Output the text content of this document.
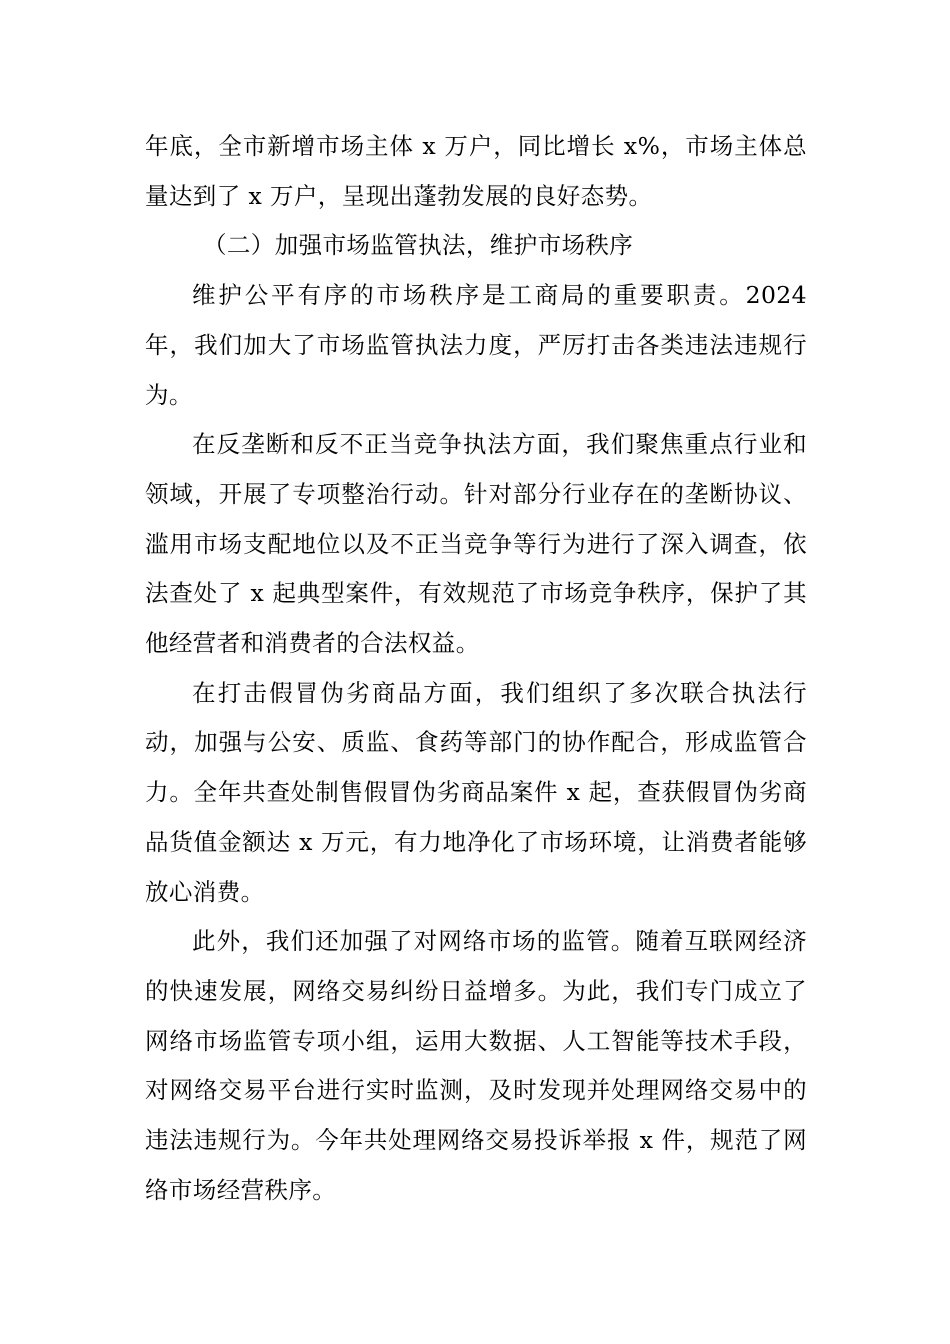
年底，全市新增市场主体 x 万户，同比增长 x%，市场主体总量达到了 x 万户，呈现出蓬勃发展的良好态势。

（二）加强市场监管执法，维护市场秩序

维护公平有序的市场秩序是工商局的重要职责。2024 年，我们加大了市场监管执法力度，严厉打击各类违法违规行为。

在反垄断和反不正当竞争执法方面，我们聚焦重点行业和领域，开展了专项整治行动。针对部分行业存在的垄断协议、滥用市场支配地位以及不正当竞争等行为进行了深入调查，依法查处了 x 起典型案件，有效规范了市场竞争秩序，保护了其他经营者和消费者的合法权益。

在打击假冒伪劣商品方面，我们组织了多次联合执法行动，加强与公安、质监、食药等部门的协作配合，形成监管合力。全年共查处制售假冒伪劣商品案件 x 起，查获假冒伪劣商品货值金额达 x 万元，有力地净化了市场环境，让消费者能够放心消费。

此外，我们还加强了对网络市场的监管。随着互联网经济的快速发展，网络交易纠纷日益增多。为此，我们专门成立了网络市场监管专项小组，运用大数据、人工智能等技术手段，对网络交易平台进行实时监测，及时发现并处理网络交易中的违法违规行为。今年共处理网络交易投诉举报 x 件，规范了网络市场经营秩序。
